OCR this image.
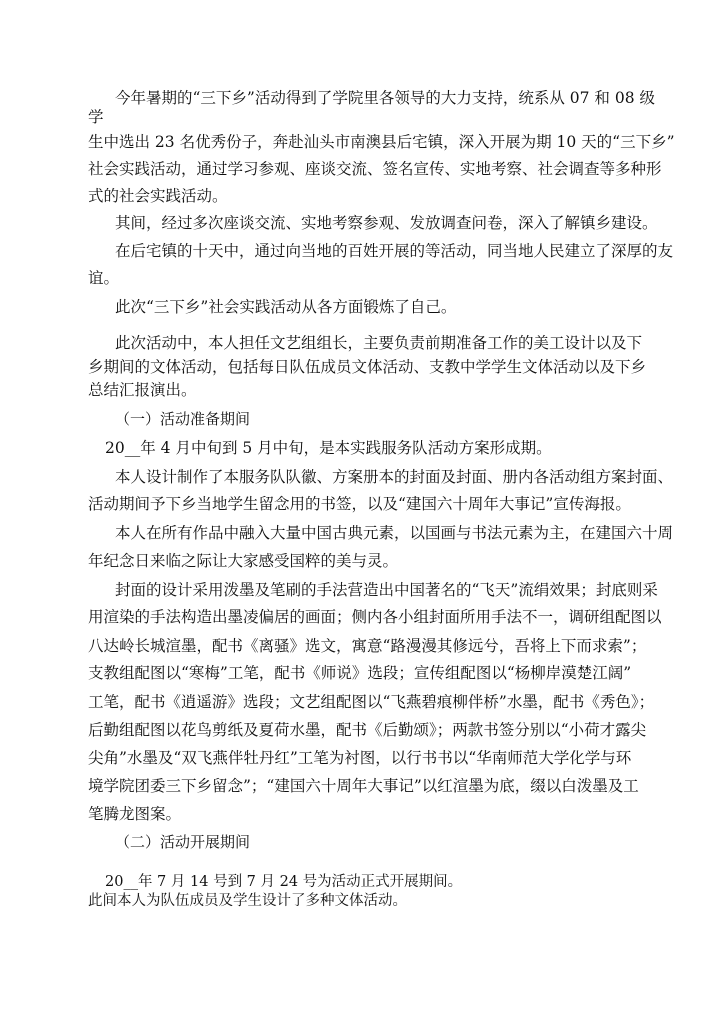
今年暑期的“三下乡”活动得到了学院里各领导的大力支持，统系从 07 和 08 级
学
生中选出 23 名优秀份子，奔赴汕头市南澳县后宅镇，深入开展为期 10 天的“三下乡”
社会实践活动，通过学习参观、座谈交流、签名宣传、实地考察、社会调查等多种形
式的社会实践活动。
其间，经过多次座谈交流、实地考察参观、发放调查问卷，深入了解镇乡建设。
在后宅镇的十天中，通过向当地的百姓开展的等活动，同当地人民建立了深厚的友
谊。
此次“三下乡”社会实践活动从各方面锻炼了自己。
此次活动中，本人担任文艺组组长，主要负责前期准备工作的美工设计以及下
乡期间的文体活动，包括每日队伍成员文体活动、支教中学学生文体活动以及下乡
总结汇报演出。
（一）活动准备期间
20__年 4 月中旬到 5 月中旬，是本实践服务队活动方案形成期。
本人设计制作了本服务队队徽、方案册本的封面及封面、册内各活动组方案封面、
活动期间予下乡当地学生留念用的书签，以及“建国六十周年大事记”宣传海报。
本人在所有作品中融入大量中国古典元素，以国画与书法元素为主，在建国六十周
年纪念日来临之际让大家感受国粹的美与灵。
封面的设计采用泼墨及笔刷的手法营造出中国著名的“飞天”流绢效果；封底则采
用渲染的手法构造出墨凌偏居的画面；侧内各小组封面所用手法不一，调研组配图以
八达岭长城渲墨，配书《离骚》选文，寓意“路漫漫其修远兮，吾将上下而求索”；
支教组配图以“寒梅”工笔，配书《师说》选段；宣传组配图以“杨柳岸漠楚江阔”
工笔，配书《逍遥游》选段；文艺组配图以“飞燕碧痕柳伴桥”水墨，配书《秀色》；
后勤组配图以花鸟剪纸及夏荷水墨，配书《后勤颂》；两款书签分别以“小荷才露尖
尖角”水墨及“双飞燕伴牡丹红”工笔为衬图，以行书书以“华南师范大学化学与环
境学院团委三下乡留念”；“建国六十周年大事记”以红渲墨为底，缀以白泼墨及工
笔腾龙图案。
（二）活动开展期间
20__年 7 月 14 号到 7 月 24 号为活动正式开展期间。
此间本人为队伍成员及学生设计了多种文体活动。
